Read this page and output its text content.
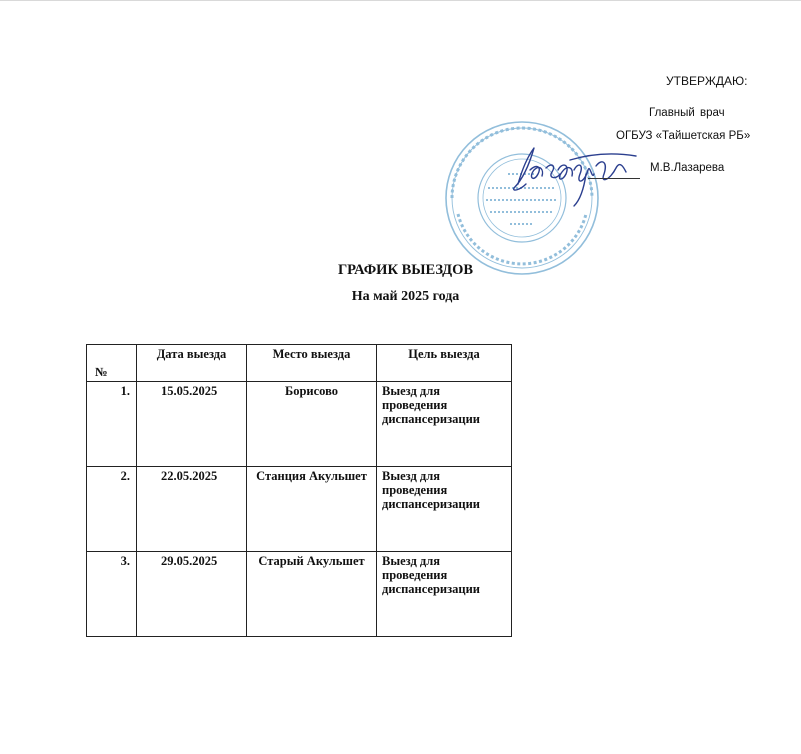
УТВЕРЖДАЮ:
Главный врач
ОГБУЗ «Тайшетская РБ»
М.В.Лазарева
ГРАФИК ВЫЕЗДОВ
На май 2025 года
№	Дата выезда	Место выезда	Цель выезда
1.	15.05.2025	Борисово	Выезд для проведения диспансеризации
2.	22.05.2025	Станция Акульшет	Выезд для проведения диспансеризации
3.	29.05.2025	Старый Акульшет	Выезд для проведения диспансеризации
